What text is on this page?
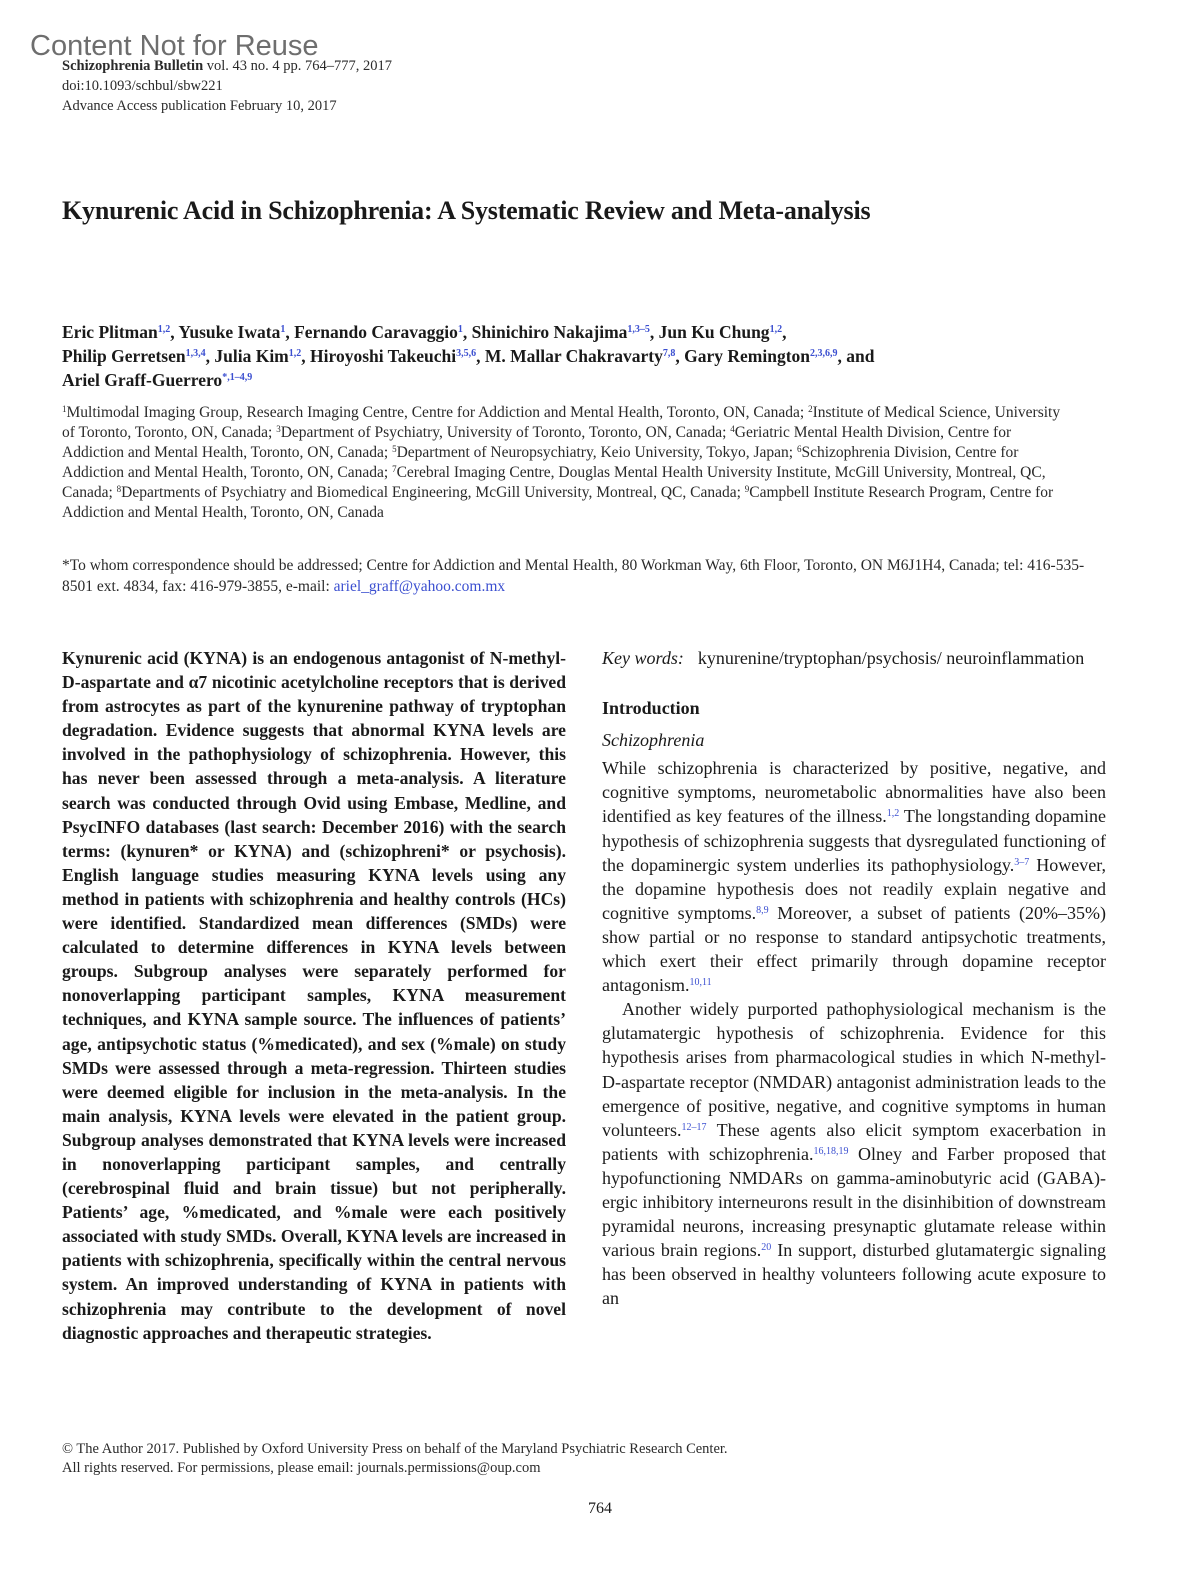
Content Not for Reuse
Schizophrenia Bulletin vol. 43 no. 4 pp. 764–777, 2017
doi:10.1093/schbul/sbw221
Advance Access publication February 10, 2017
Kynurenic Acid in Schizophrenia: A Systematic Review and Meta-analysis
Eric Plitman$^{1,2}$, Yusuke Iwata$^1$, Fernando Caravaggio$^1$, Shinichiro Nakajima$^{1,3-5}$, Jun Ku Chung$^{1,2}$,
Philip Gerretsen$^{1,3,4}$, Julia Kim$^{1,2}$, Hiroyoshi Takeuchi$^{3,5,6}$, M. Mallar Chakravarty$^{7,8}$, Gary Remington$^{2,3,6,9}$, and
Ariel Graff-Guerrero$^{*,1-4,9}$
$^1$Multimodal Imaging Group, Research Imaging Centre, Centre for Addiction and Mental Health, Toronto, ON, Canada; $^2$Institute of Medical Science, University of Toronto, Toronto, ON, Canada; $^3$Department of Psychiatry, University of Toronto, Toronto, ON, Canada; $^4$Geriatric Mental Health Division, Centre for Addiction and Mental Health, Toronto, ON, Canada; $^5$Department of Neuropsychiatry, Keio University, Tokyo, Japan; $^6$Schizophrenia Division, Centre for Addiction and Mental Health, Toronto, ON, Canada; $^7$Cerebral Imaging Centre, Douglas Mental Health University Institute, McGill University, Montreal, QC, Canada; $^8$Departments of Psychiatry and Biomedical Engineering, McGill University, Montreal, QC, Canada; $^9$Campbell Institute Research Program, Centre for Addiction and Mental Health, Toronto, ON, Canada
*To whom correspondence should be addressed; Centre for Addiction and Mental Health, 80 Workman Way, 6th Floor, Toronto, ON M6J1H4, Canada; tel: 416-535-8501 ext. 4834, fax: 416-979-3855, e-mail: ariel_graff@yahoo.com.mx
Kynurenic acid (KYNA) is an endogenous antagonist of N-methyl-D-aspartate and α7 nicotinic acetylcholine receptors that is derived from astrocytes as part of the kynurenine pathway of tryptophan degradation. Evidence suggests that abnormal KYNA levels are involved in the pathophysiology of schizophrenia. However, this has never been assessed through a meta-analysis. A literature search was conducted through Ovid using Embase, Medline, and PsycINFO databases (last search: December 2016) with the search terms: (kynuren* or KYNA) and (schizophreni* or psychosis). English language studies measuring KYNA levels using any method in patients with schizophrenia and healthy controls (HCs) were identified. Standardized mean differences (SMDs) were calculated to determine differences in KYNA levels between groups. Subgroup analyses were separately performed for nonoverlapping participant samples, KYNA measurement techniques, and KYNA sample source. The influences of patients’ age, antipsychotic status (%medicated), and sex (%male) on study SMDs were assessed through a meta-regression. Thirteen studies were deemed eligible for inclusion in the meta-analysis. In the main analysis, KYNA levels were elevated in the patient group. Subgroup analyses demonstrated that KYNA levels were increased in nonoverlapping participant samples, and centrally (cerebrospinal fluid and brain tissue) but not peripherally. Patients’ age, %medicated, and %male were each positively associated with study SMDs. Overall, KYNA levels are increased in patients with schizophrenia, specifically within the central nervous system. An improved understanding of KYNA in patients with schizophrenia may contribute to the development of novel diagnostic approaches and therapeutic strategies.
Key words: kynurenine/tryptophan/psychosis/ neuroinflammation
Introduction
Schizophrenia

While schizophrenia is characterized by positive, negative, and cognitive symptoms, neurometabolic abnormalities have also been identified as key features of the illness.$^{1,2}$ The longstanding dopamine hypothesis of schizophrenia suggests that dysregulated functioning of the dopaminergic system underlies its pathophysiology.$^{3-7}$ However, the dopamine hypothesis does not readily explain negative and cognitive symptoms.$^{8,9}$ Moreover, a subset of patients (20%–35%) show partial or no response to standard antipsychotic treatments, which exert their effect primarily through dopamine receptor antagonism.$^{10,11}$

Another widely purported pathophysiological mechanism is the glutamatergic hypothesis of schizophrenia. Evidence for this hypothesis arises from pharmacological studies in which N-methyl-D-aspartate receptor (NMDAR) antagonist administration leads to the emergence of positive, negative, and cognitive symptoms in human volunteers.$^{12-17}$ These agents also elicit symptom exacerbation in patients with schizophrenia.$^{16,18,19}$ Olney and Farber proposed that hypofunctioning NMDARs on gamma-aminobutyric acid (GABA)-ergic inhibitory interneurons result in the disinhibition of downstream pyramidal neurons, increasing presynaptic glutamate release within various brain regions.$^{20}$ In support, disturbed glutamatergic signaling has been observed in healthy volunteers following acute exposure to an

© The Author 2017. Published by Oxford University Press on behalf of the Maryland Psychiatric Research Center.
All rights reserved. For permissions, please email: journals.permissions@oup.com
764
